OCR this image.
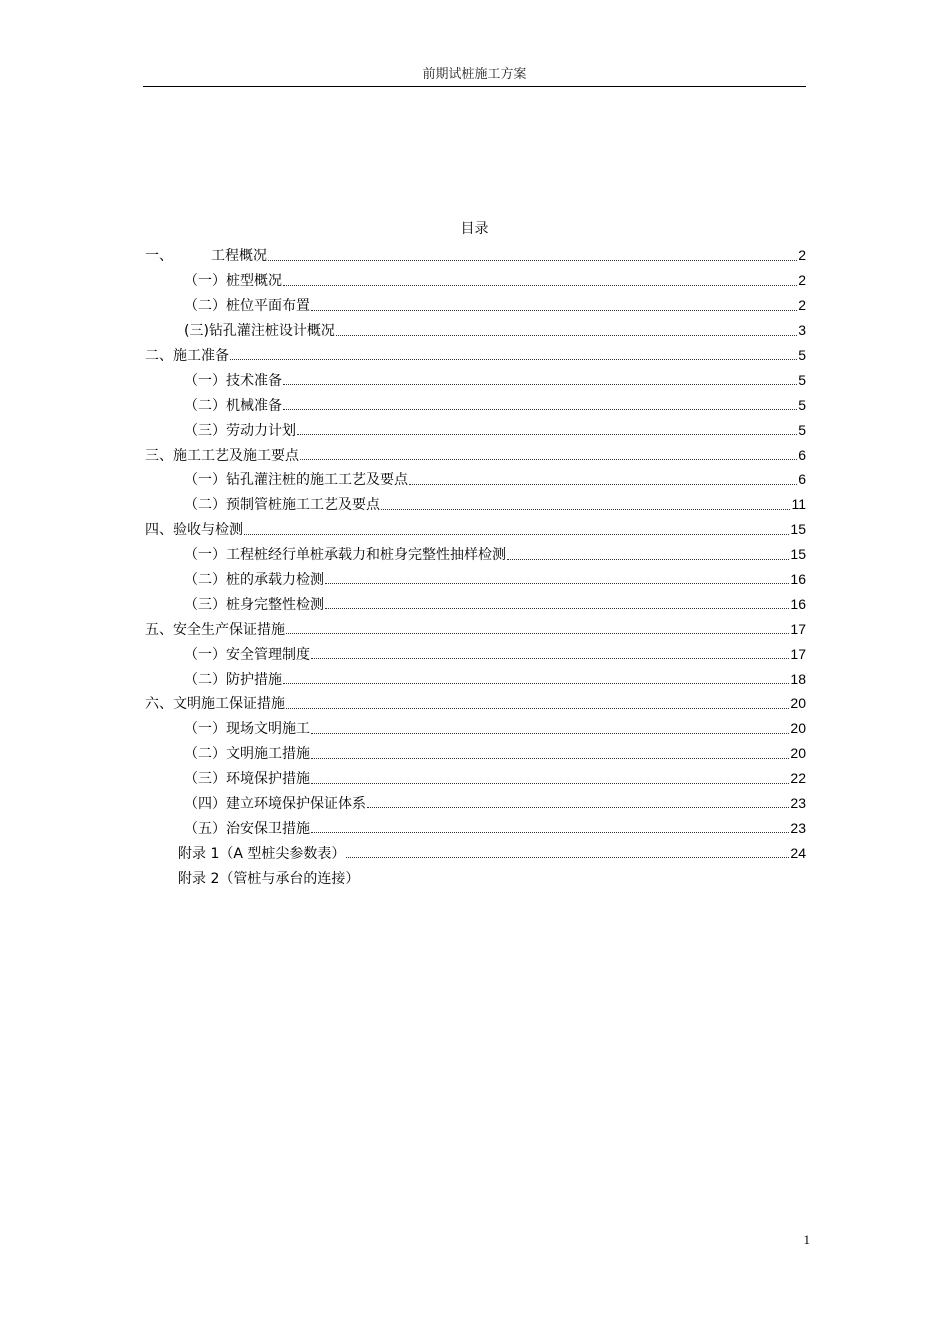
前期试桩施工方案
目录
一、	工程概况	2
（一）桩型概况	2
（二）桩位平面布置	2
(三)钻孔灌注桩设计概况	3
二、施工准备	5
（一）技术准备	5
（二）机械准备	5
（三）劳动力计划	5
三、施工工艺及施工要点	6
（一）钻孔灌注桩的施工工艺及要点	6
（二）预制管桩施工工艺及要点	11
四、验收与检测	15
（一）工程桩经行单桩承载力和桩身完整性抽样检测	15
（二）桩的承载力检测	16
（三）桩身完整性检测	16
五、安全生产保证措施	17
（一）安全管理制度	17
（二）防护措施	18
六、文明施工保证措施	20
（一）现场文明施工	20
（二）文明施工措施	20
（三）环境保护措施	22
（四）建立环境保护保证体系	23
（五）治安保卫措施	23
附录 1（A 型桩尖参数表）	24
附录 2（管桩与承台的连接）
1
